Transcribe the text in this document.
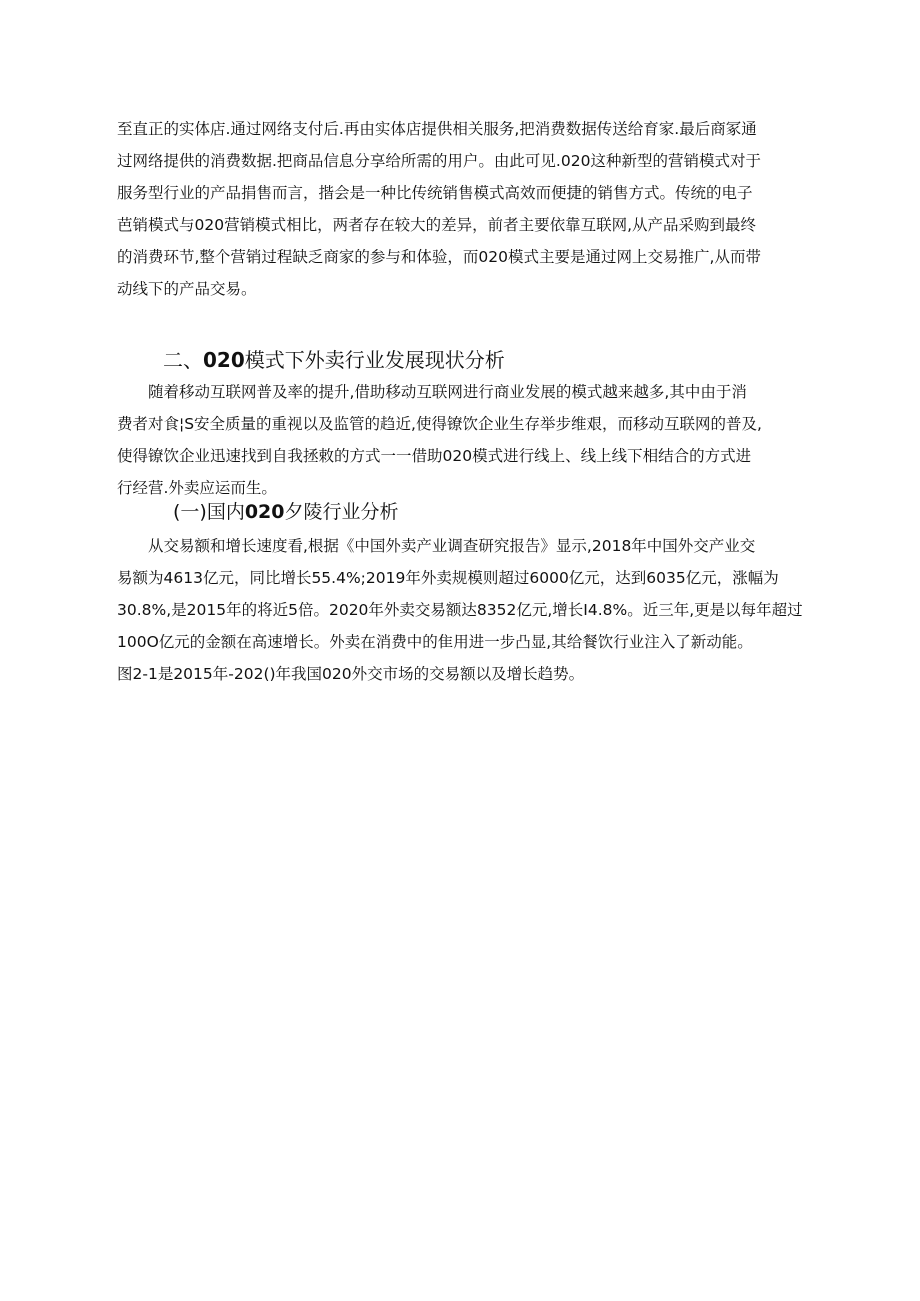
至直正的实体店.通过网络支付后.再由实体店提供相关服务,把消费数据传送给育家.最后商冢通
过网络提供的消费数据.把商品信息分享给所需的用户。由此可见.020这种新型的营销模式对于
服务型行业的产品捐售而言，揩会是一种比传统销售模式高效而便捷的销售方式。传统的电子
芭销模式与020营销模式相比，两者存在较大的差异，前者主要依靠互联网,从产品采购到最终
的消费环节,整个营销过程缺乏商家的参与和体验，而020模式主要是通过网上交易推广,从而带
动线下的产品交易。

二、020模式下外卖行业发展现状分析

随着移动互联网普及率的提升,借助移动互联网进行商业发展的模式越来越多,其中由于消
费者对食¦S安全质量的重视以及监管的趋近,使得镣饮企业生存举步维艰，而移动互联网的普及,
使得镣饮企业迅速找到自我拯敕的方式一一借助020模式进行线上、线上线下相结合的方式进
行经营.外卖应运而生。

(一)国内020夕陵行业分析

从交易额和增长速度看,根据《中国外卖产业调查研究报告》显示,2018年中国外交产业交
易额为4613亿元，同比增长55.4%;2019年外卖规模则超过6000亿元，达到6035亿元，涨幅为
30.8%,是2015年的将近5倍。2020年外卖交易额达8352亿元,增长I4.8%。近三年,更是以每年超过
100O亿元的金额在高速增长。外卖在消费中的隹用进一步凸显,其给餐饮行业注入了新动能。
图2-1是2015年-202()年我国020外交市场的交易额以及增长趋势。
